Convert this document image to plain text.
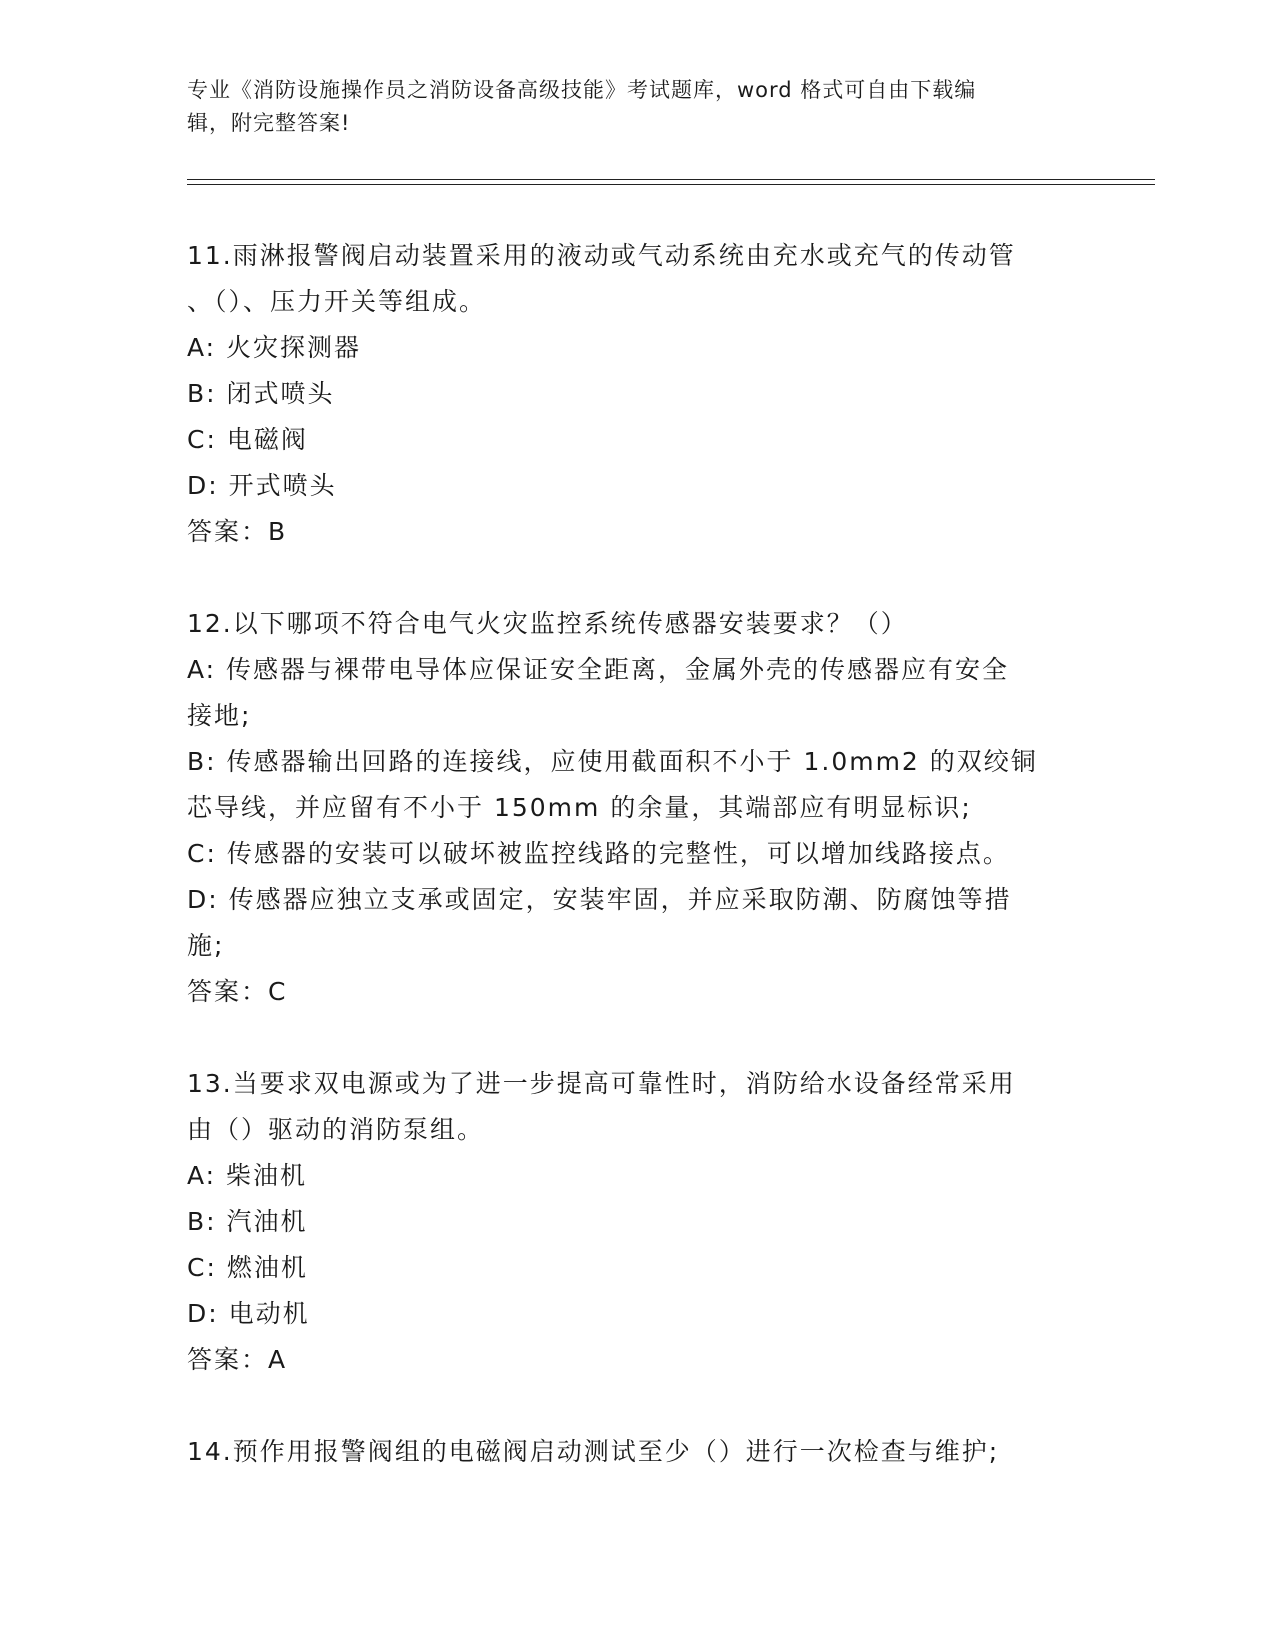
专业《消防设施操作员之消防设备高级技能》考试题库，word 格式可自由下载编
辑，附完整答案!

11.雨淋报警阀启动装置采用的液动或气动系统由充水或充气的传动管

、（）、压力开关等组成。

A: 火灾探测器

B: 闭式喷头

C: 电磁阀

D: 开式喷头

答案：B

12.以下哪项不符合电气火灾监控系统传感器安装要求？（）

A: 传感器与裸带电导体应保证安全距离，金属外壳的传感器应有安全

接地;

B: 传感器输出回路的连接线，应使用截面积不小于 1.0mm2 的双绞铜

芯导线，并应留有不小于 150mm 的余量，其端部应有明显标识;

C: 传感器的安装可以破坏被监控线路的完整性，可以增加线路接点。

D: 传感器应独立支承或固定，安装牢固，并应采取防潮、防腐蚀等措

施;

答案：C

13.当要求双电源或为了进一步提高可靠性时，消防给水设备经常采用

由（）驱动的消防泵组。

A: 柴油机

B: 汽油机

C: 燃油机

D: 电动机

答案：A

14.预作用报警阀组的电磁阀启动测试至少（）进行一次检查与维护;
